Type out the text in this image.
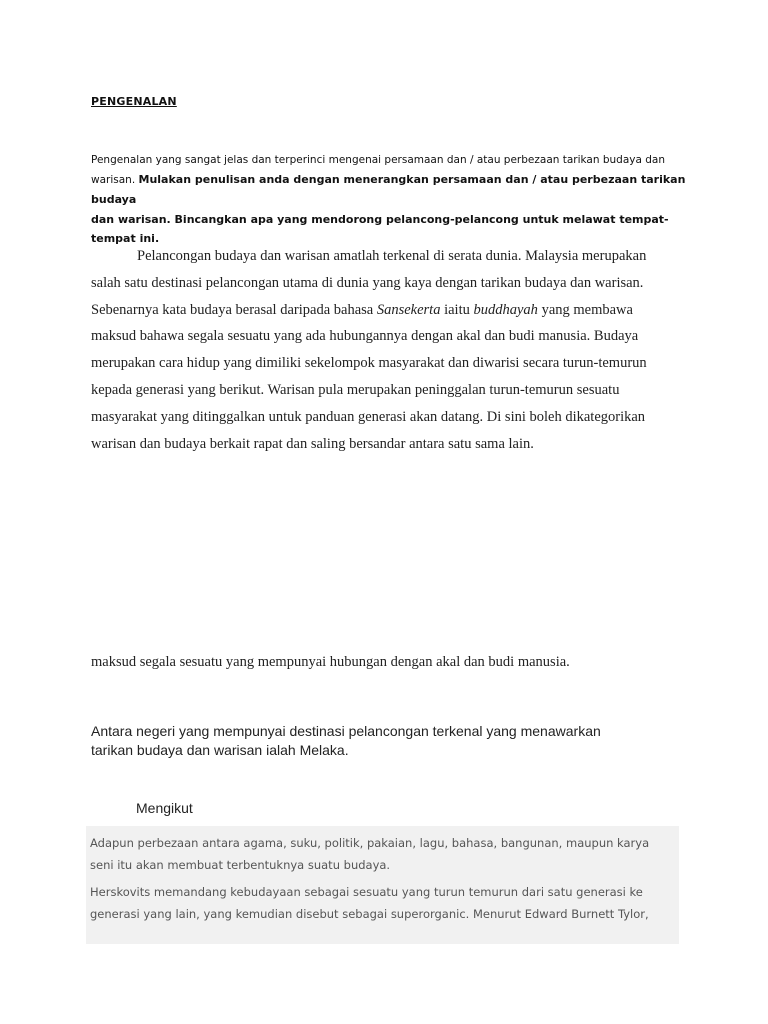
PENGENALAN
Pengenalan yang sangat jelas dan terperinci mengenai persamaan dan / atau perbezaan tarikan budaya dan
warisan. Mulakan penulisan anda dengan menerangkan persamaan dan / atau perbezaan tarikan budaya
dan warisan. Bincangkan apa yang mendorong pelancong-pelancong untuk melawat tempat-tempat ini.
Pelancongan budaya dan warisan amatlah terkenal di serata dunia. Malaysia merupakan
salah satu destinasi pelancongan utama di dunia yang kaya dengan tarikan budaya dan warisan.
Sebenarnya kata budaya berasal daripada bahasa Sansekerta iaitu buddhayah yang membawa
maksud bahawa segala sesuatu yang ada hubungannya dengan akal dan budi manusia. Budaya
merupakan cara hidup yang dimiliki sekelompok masyarakat dan diwarisi secara turun-temurun
kepada generasi yang berikut. Warisan pula merupakan peninggalan turun-temurun sesuatu
masyarakat yang ditinggalkan untuk panduan generasi akan datang. Di sini boleh dikategorikan
warisan dan budaya berkait rapat dan saling bersandar antara satu sama lain.
maksud segala sesuatu yang mempunyai hubungan dengan akal dan budi manusia.
Antara negeri yang mempunyai destinasi pelancongan terkenal yang menawarkan
tarikan budaya dan warisan ialah Melaka.
Mengikut
Adapun perbezaan antara agama, suku, politik, pakaian, lagu, bahasa, bangunan, maupun karya
seni itu akan membuat terbentuknya suatu budaya.
Herskovits memandang kebudayaan sebagai sesuatu yang turun temurun dari satu generasi ke
generasi yang lain, yang kemudian disebut sebagai superorganic. Menurut Edward Burnett Tylor,
